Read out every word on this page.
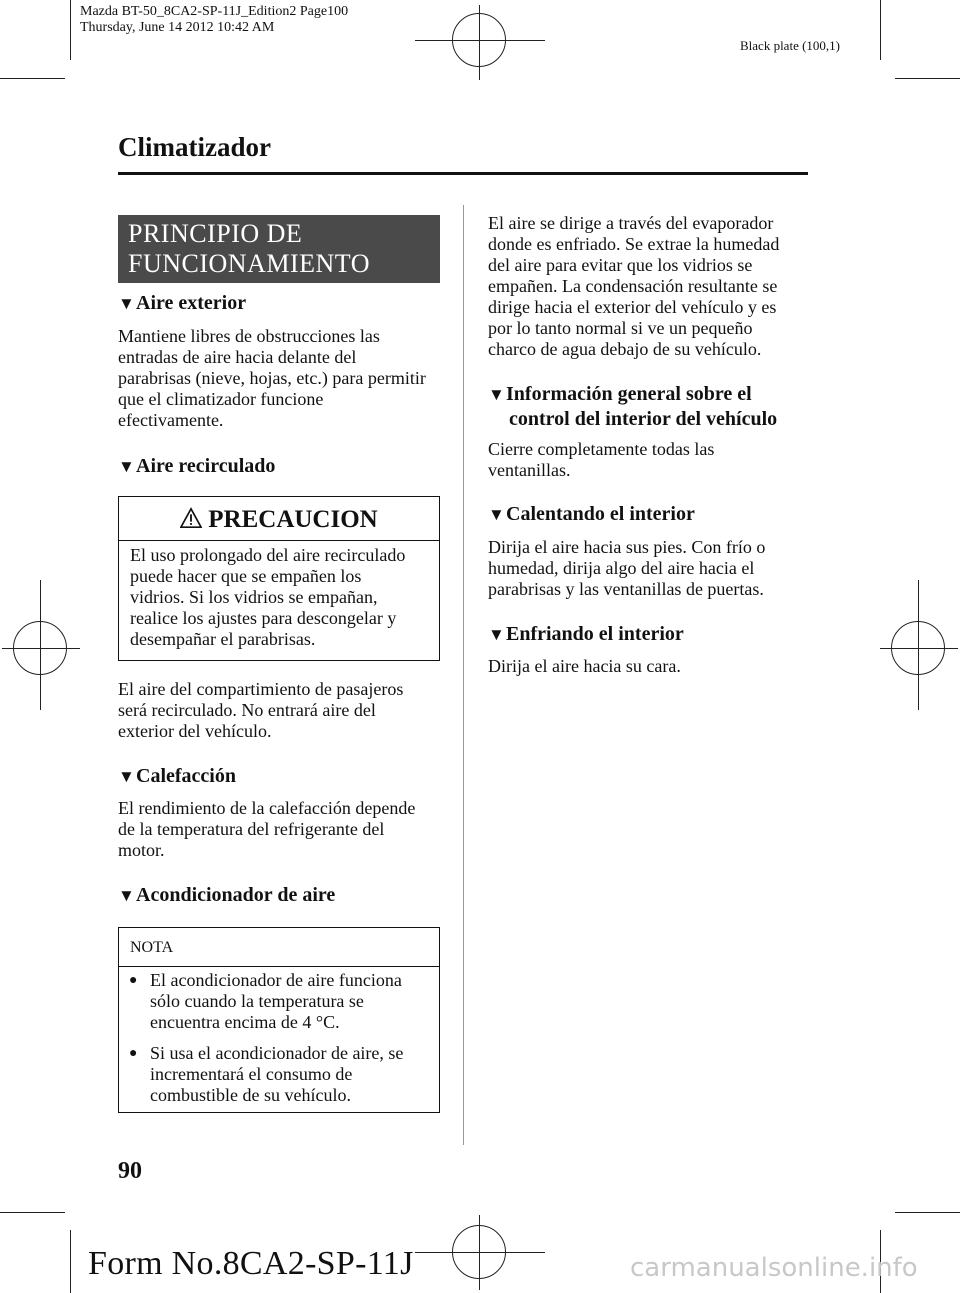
Mazda BT-50_8CA2-SP-11J_Edition2 Page100
Thursday, June 14 2012 10:42 AM
Black plate (100,1)
Climatizador
PRINCIPIO DE
FUNCIONAMIENTO
▼Aire exterior
Mantiene libres de obstrucciones las
entradas de aire hacia delante del
parabrisas (nieve, hojas, etc.) para permitir
que el climatizador funcione
efectivamente.
▼Aire recirculado
PRECAUCION
El uso prolongado del aire recirculado
puede hacer que se empañen los
vidrios. Si los vidrios se empañan,
realice los ajustes para descongelar y
desempañar el parabrisas.
El aire del compartimiento de pasajeros
será recirculado. No entrará aire del
exterior del vehículo.
▼Calefacción
El rendimiento de la calefacción depende
de la temperatura del refrigerante del
motor.
▼Acondicionador de aire
NOTA
● El acondicionador de aire funciona
sólo cuando la temperatura se
encuentra encima de 4 °C.
● Si usa el acondicionador de aire, se
incrementará el consumo de
combustible de su vehículo.
El aire se dirige a través del evaporador
donde es enfriado. Se extrae la humedad
del aire para evitar que los vidrios se
empañen. La condensación resultante se
dirige hacia el exterior del vehículo y es
por lo tanto normal si ve un pequeño
charco de agua debajo de su vehículo.
▼Información general sobre el
control del interior del vehículo
Cierre completamente todas las
ventanillas.
▼Calentando el interior
Dirija el aire hacia sus pies. Con frío o
humedad, dirija algo del aire hacia el
parabrisas y las ventanillas de puertas.
▼Enfriando el interior
Dirija el aire hacia su cara.
90
Form No.8CA2-SP-11J	carmanualsonline.info
